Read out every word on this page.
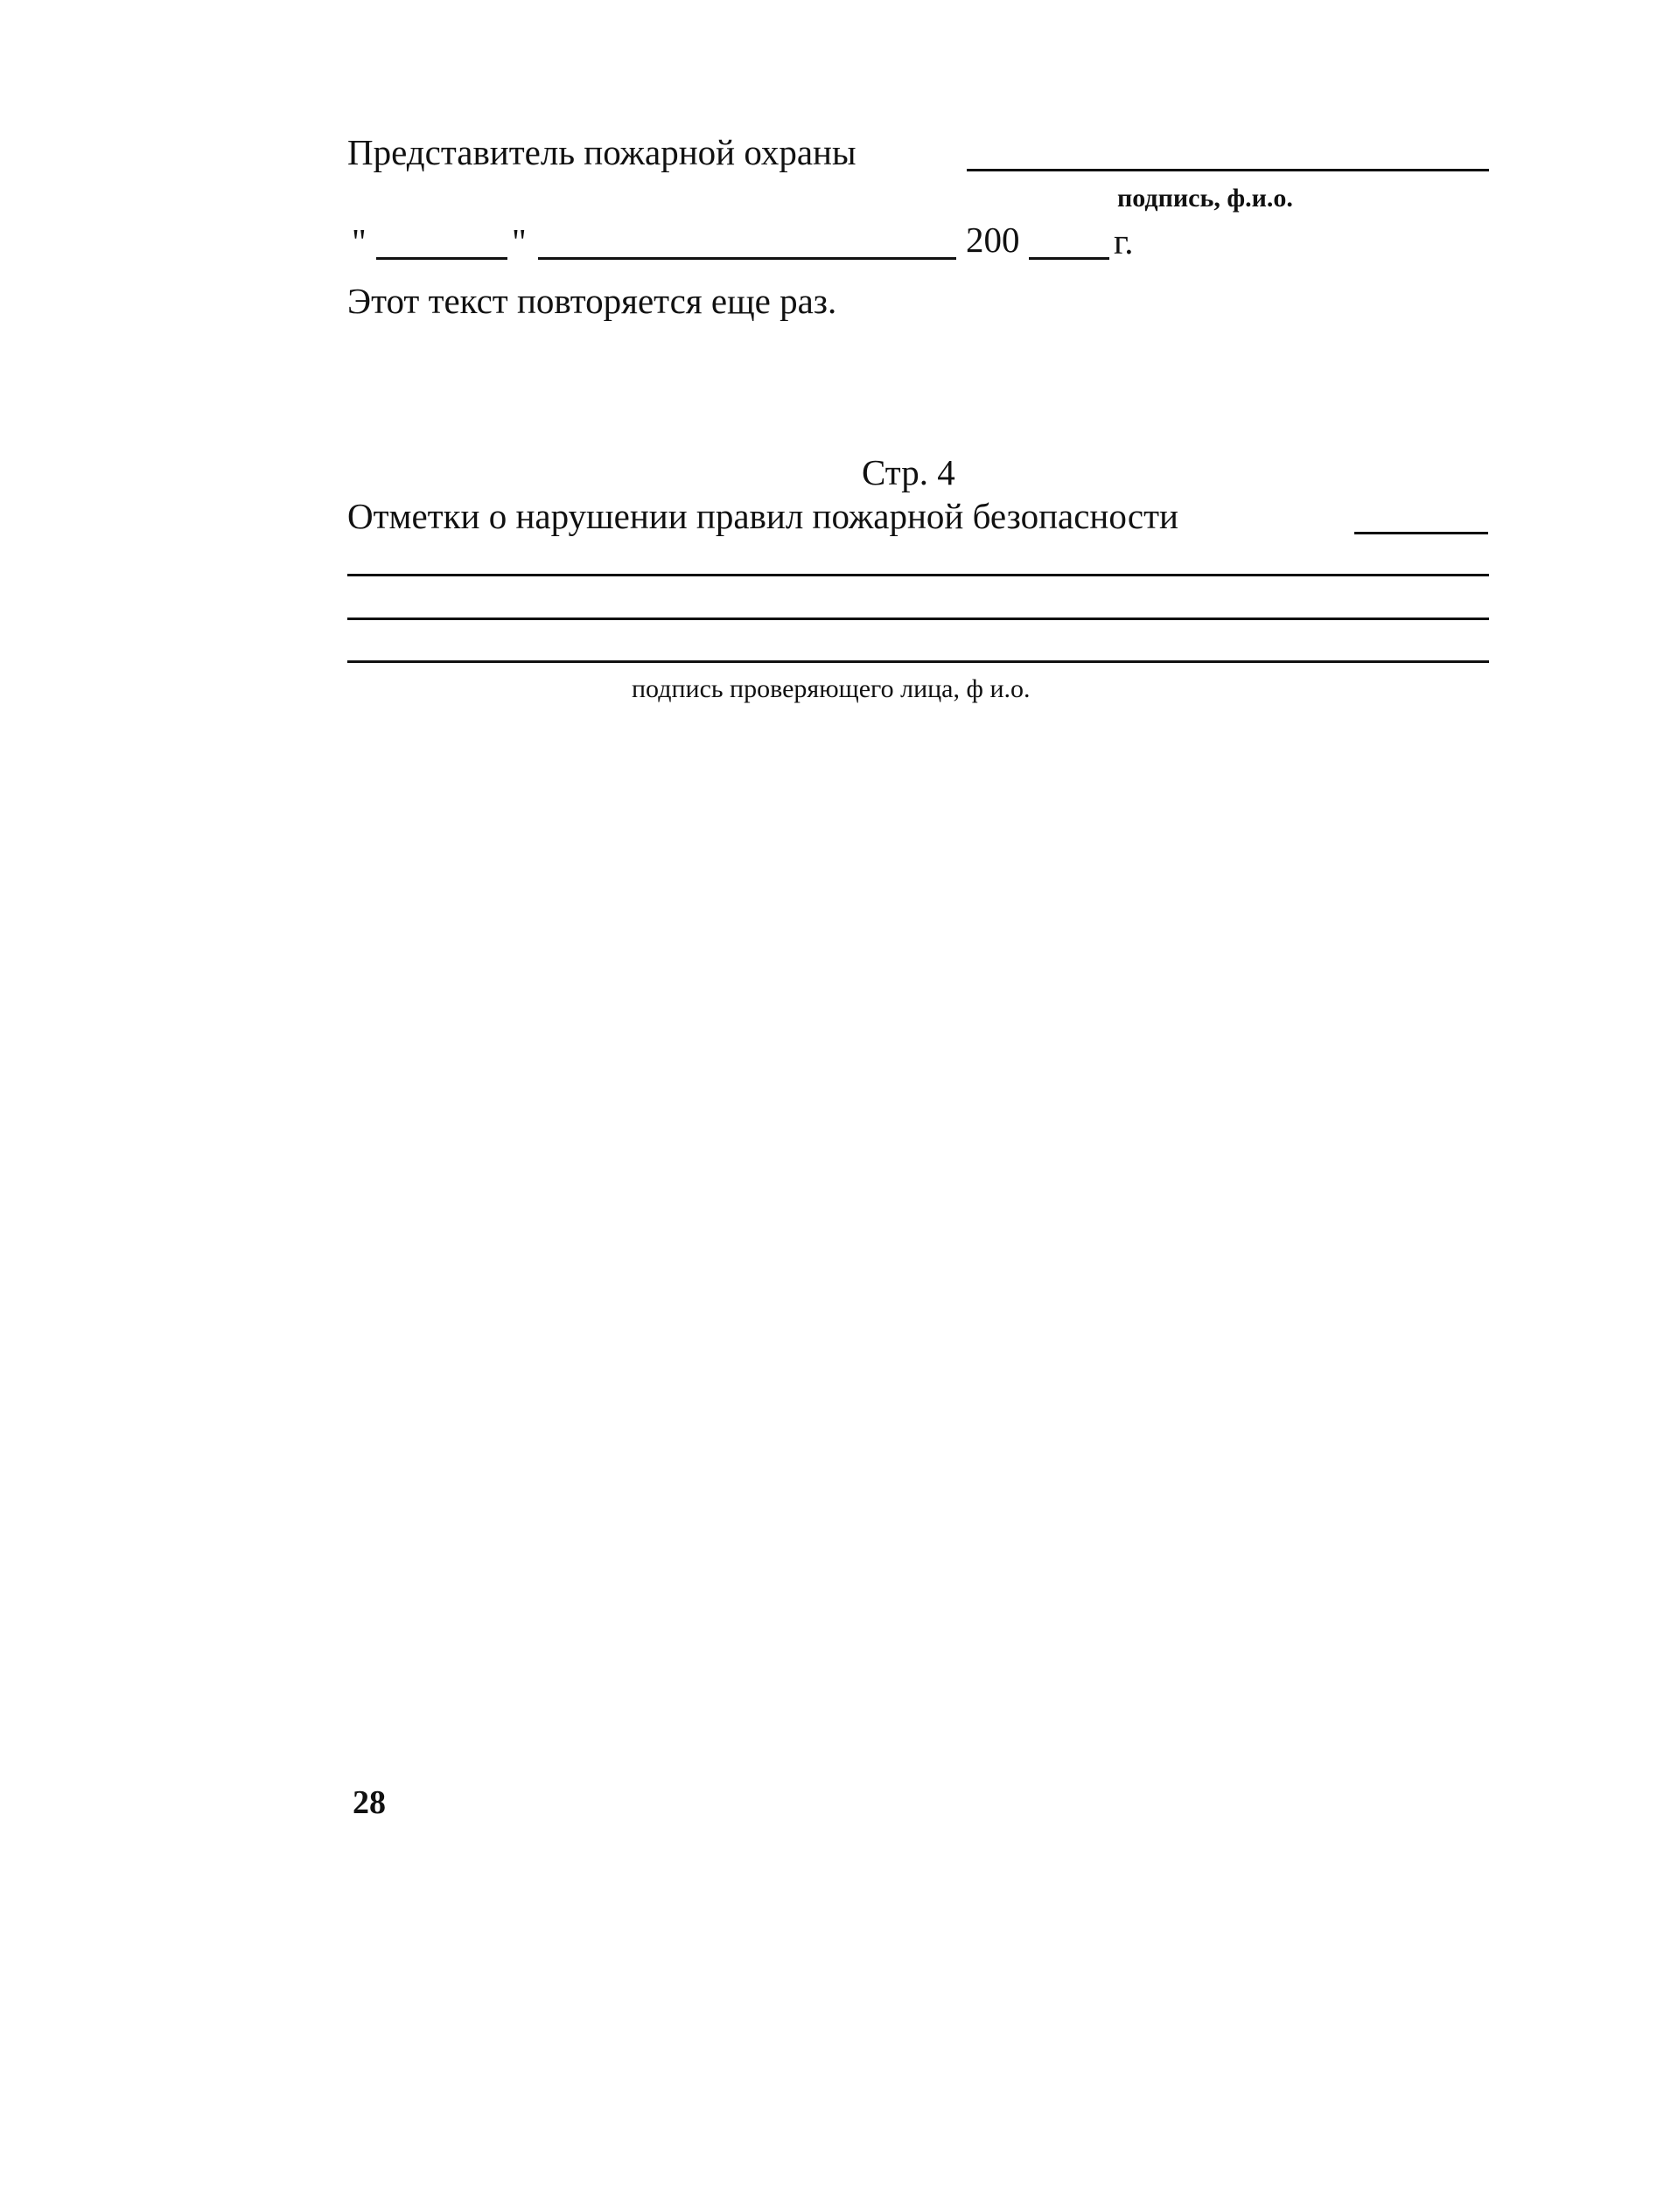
Представитель пожарной охраны
подпись, ф.и.о.
"	"	200	г.
Этот текст повторяется еще раз.
Стр. 4
Отметки о нарушении правил пожарной безопасности
подпись проверяющего лица, ф и.о.
28
